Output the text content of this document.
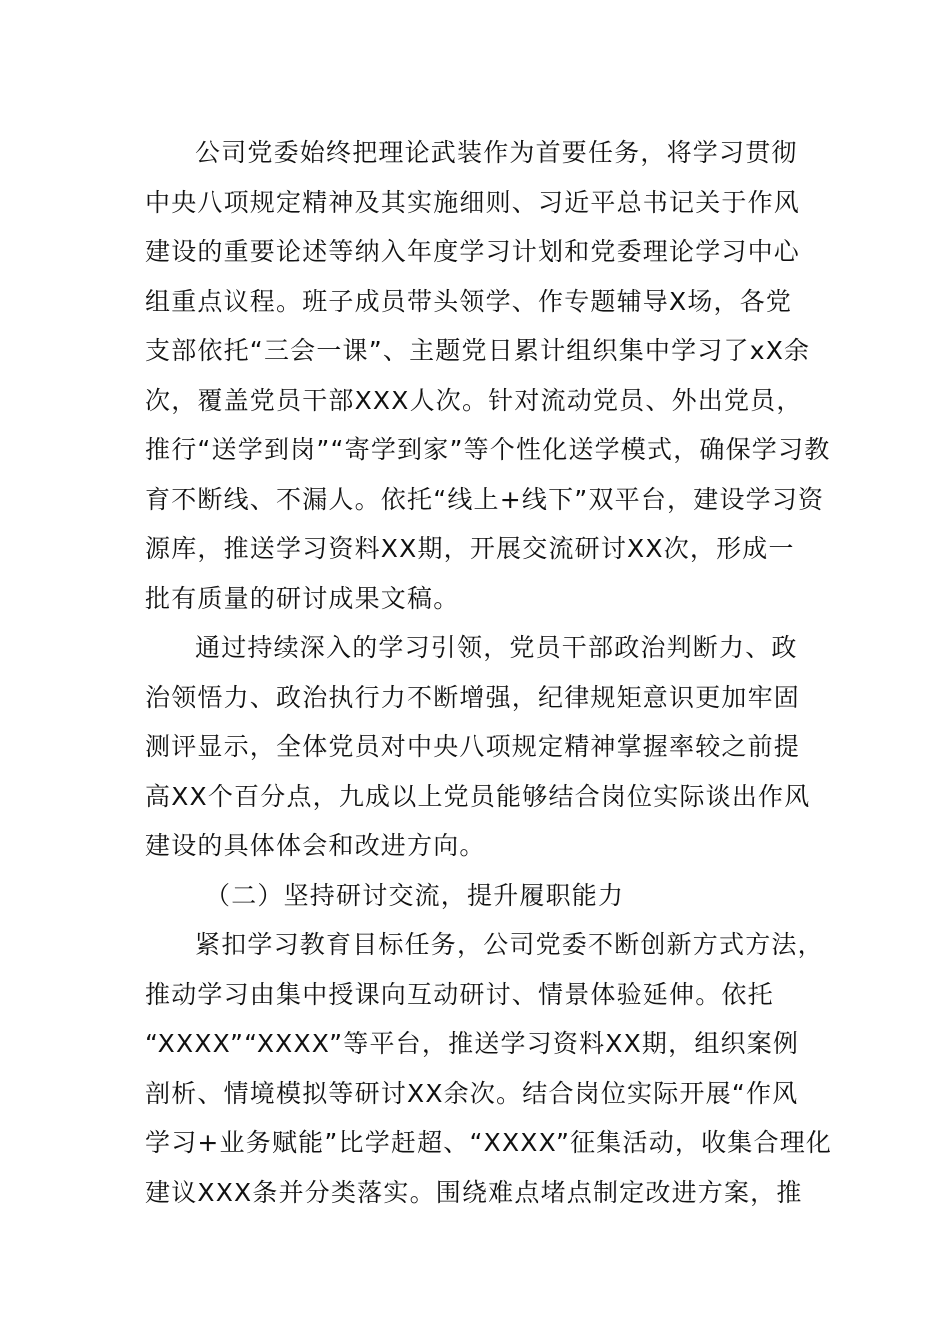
公司党委始终把理论武装作为首要任务，将学习贯彻
中央八项规定精神及其实施细则、习近平总书记关于作风
建设的重要论述等纳入年度学习计划和党委理论学习中心
组重点议程。班子成员带头领学、作专题辅导X场，各党
支部依托“三会一课”、主题党日累计组织集中学习了xX余
次，覆盖党员干部XXX人次。针对流动党员、外出党员，
推行“送学到岗”“寄学到家”等个性化送学模式，确保学习教
育不断线、不漏人。依托“线上+线下”双平台，建设学习资
源库，推送学习资料XX期，开展交流研讨XX次，形成一
批有质量的研讨成果文稿。
通过持续深入的学习引领，党员干部政治判断力、政
治领悟力、政治执行力不断增强，纪律规矩意识更加牢固
测评显示，全体党员对中央八项规定精神掌握率较之前提
高XX个百分点，九成以上党员能够结合岗位实际谈出作风
建设的具体体会和改进方向。
（二）坚持研讨交流，提升履职能力
紧扣学习教育目标任务，公司党委不断创新方式方法，
推动学习由集中授课向互动研讨、情景体验延伸。依托
“XXXX”“XXXX”等平台，推送学习资料XX期，组织案例
剖析、情境模拟等研讨XX余次。结合岗位实际开展“作风
学习+业务赋能”比学赶超、“XXXX”征集活动，收集合理化
建议XXX条并分类落实。围绕难点堵点制定改进方案，推
